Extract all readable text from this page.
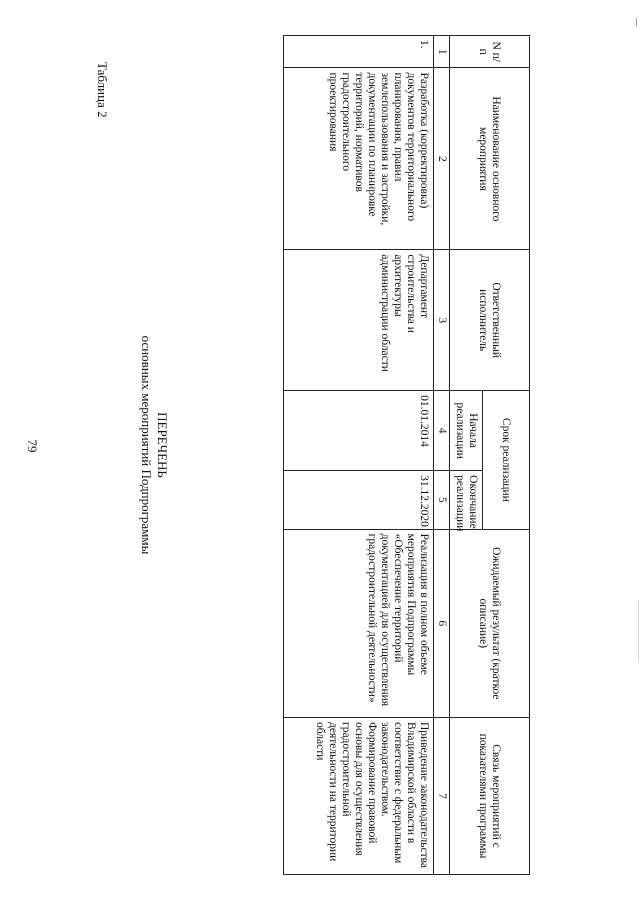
79
Таблица 2
ПЕРЕЧЕНЬ
основных мероприятий Подпрограммы
N п/п	Наименование основного мероприятия	Ответственный исполнитель	Срок реализации		Ожидаемый результат (краткое описание)	Связь мероприятий с показателями программы
			Начала реализации	Окончание реализации		
1	2	3	4	5	6	7
1.	Разработка (корректировка) документов территориального планирования, правил землепользования и застройки, документации по планировке территорий, нормативов градостроительного проектирования	Департамент строительства и архитектуры администрации области	01.01.2014	31.12.2020	Реализация в полном объеме мероприятия Подпрограммы «Обеспечение территорий документацией для осуществления градостроительной деятельности»	Приведение законодательства Владимирской области в соответствие с федеральным законодательством. Формирование правовой основы для осуществления градостроительной деятельности на территории области
